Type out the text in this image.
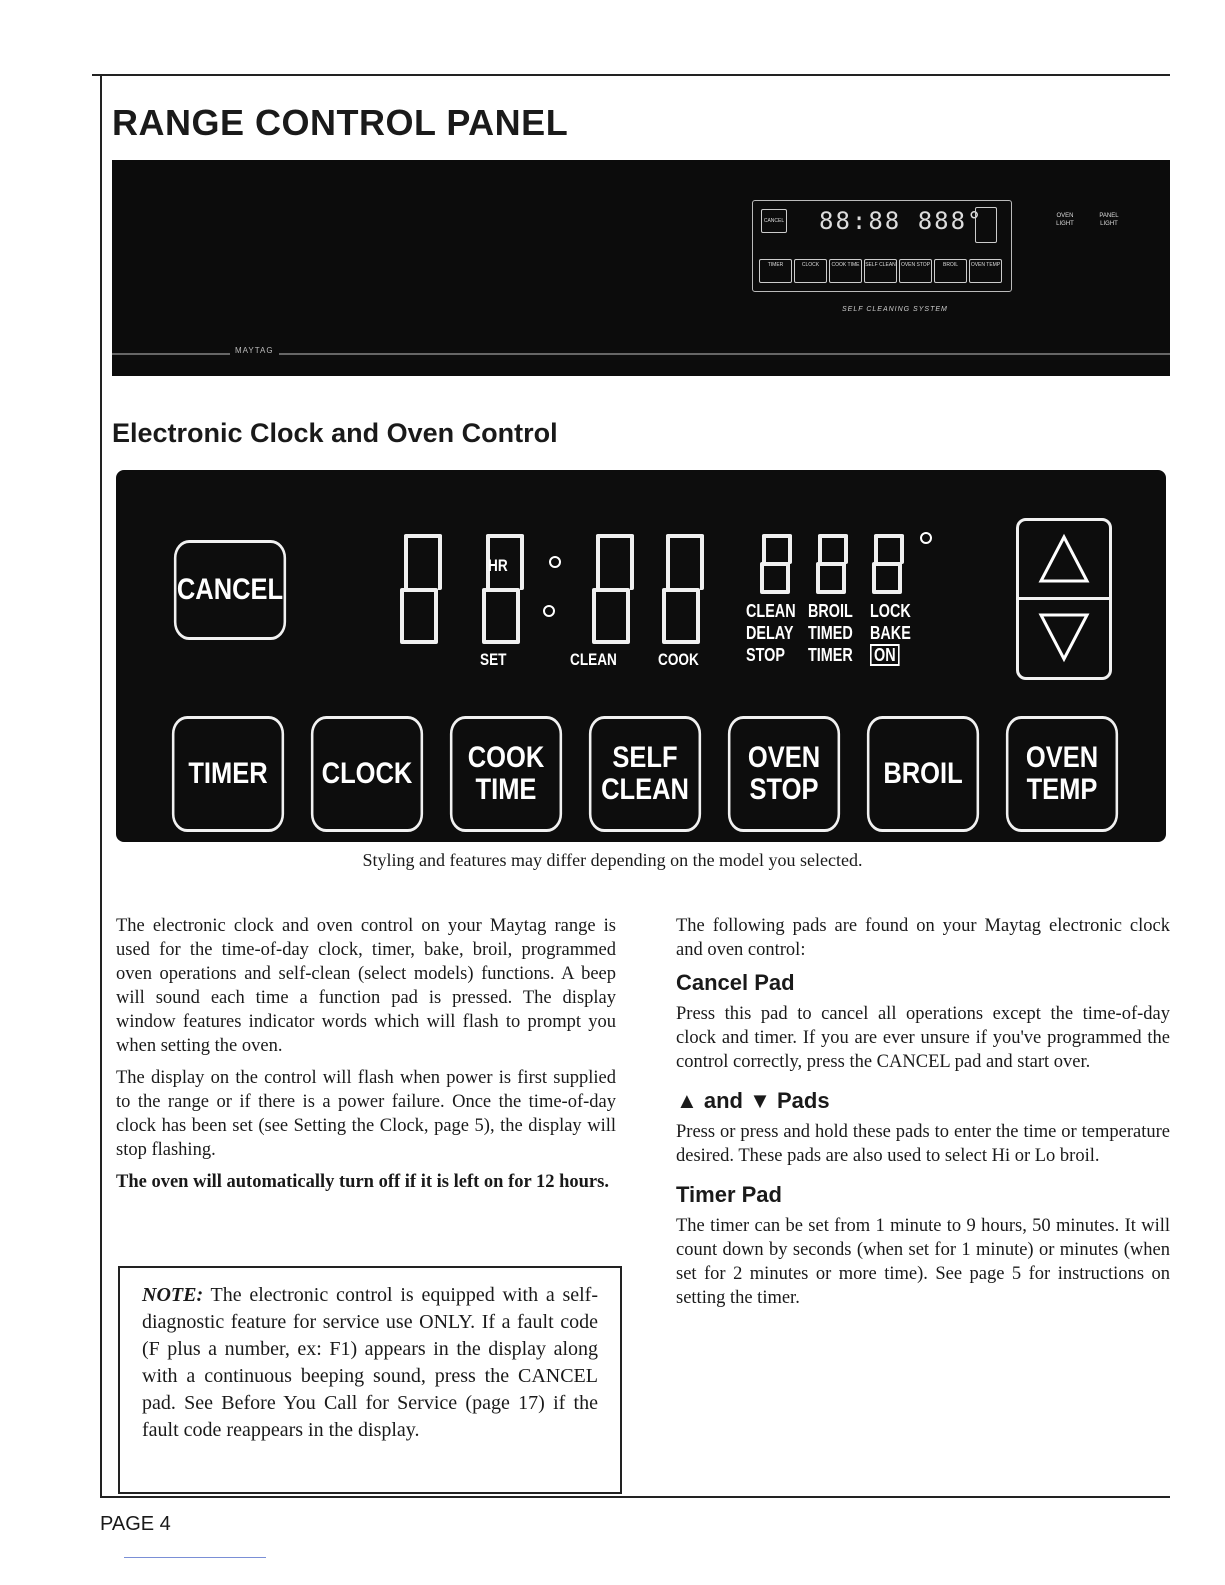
RANGE CONTROL PANEL
CANCEL 88:88 888°
TIMER	CLOCK	COOK TIME	SELF CLEAN	OVEN STOP	BROIL	OVEN TEMP
SELF CLEANING SYSTEM
OVEN LIGHT
PANEL LIGHT
MAYTAG
Electronic Clock and Oven Control
CANCEL
HR
SET	CLEAN COOK
CLEAN BROIL LOCK
DELAY TIMED BAKE
STOP TIMER ON
TIMER	CLOCK	COOK
TIME
SELF
CLEAN
OVEN
STOP	BROIL	OVEN
TEMP
Styling and features may differ depending on the model you selected.

The electronic clock and oven control on your Maytag range is used for the time-of-day clock, timer, bake, broil, programmed oven operations and self-clean (select models) functions. A beep will sound each time a function pad is pressed. The display window features indicator words which will flash to prompt you when setting the oven.

The display on the control will flash when power is first supplied to the range or if there is a power failure. Once the time-of-day clock has been set (see Setting the Clock, page 5), the display will stop flashing.

The oven will automatically turn off if it is left on for 12 hours.

NOTE: The electronic control is equipped with a self-diagnostic feature for service use ONLY. If a fault code (F plus a number, ex: F1) appears in the display along with a continuous beeping sound, press the CANCEL pad. See Before You Call for Service (page 17) if the fault code reappears in the display.

The following pads are found on your Maytag electronic clock and oven control:

Cancel Pad

Press this pad to cancel all operations except the time-of-day clock and timer. If you are ever unsure if you've programmed the control correctly, press the CANCEL pad and start over.

▲ and ▼ Pads

Press or press and hold these pads to enter the time or temperature desired. These pads are also used to select Hi or Lo broil.

Timer Pad

The timer can be set from 1 minute to 9 hours, 50 minutes. It will count down by seconds (when set for 1 minute) or minutes (when set for 2 minutes or more time). See page 5 for instructions on setting the timer.

PAGE 4
